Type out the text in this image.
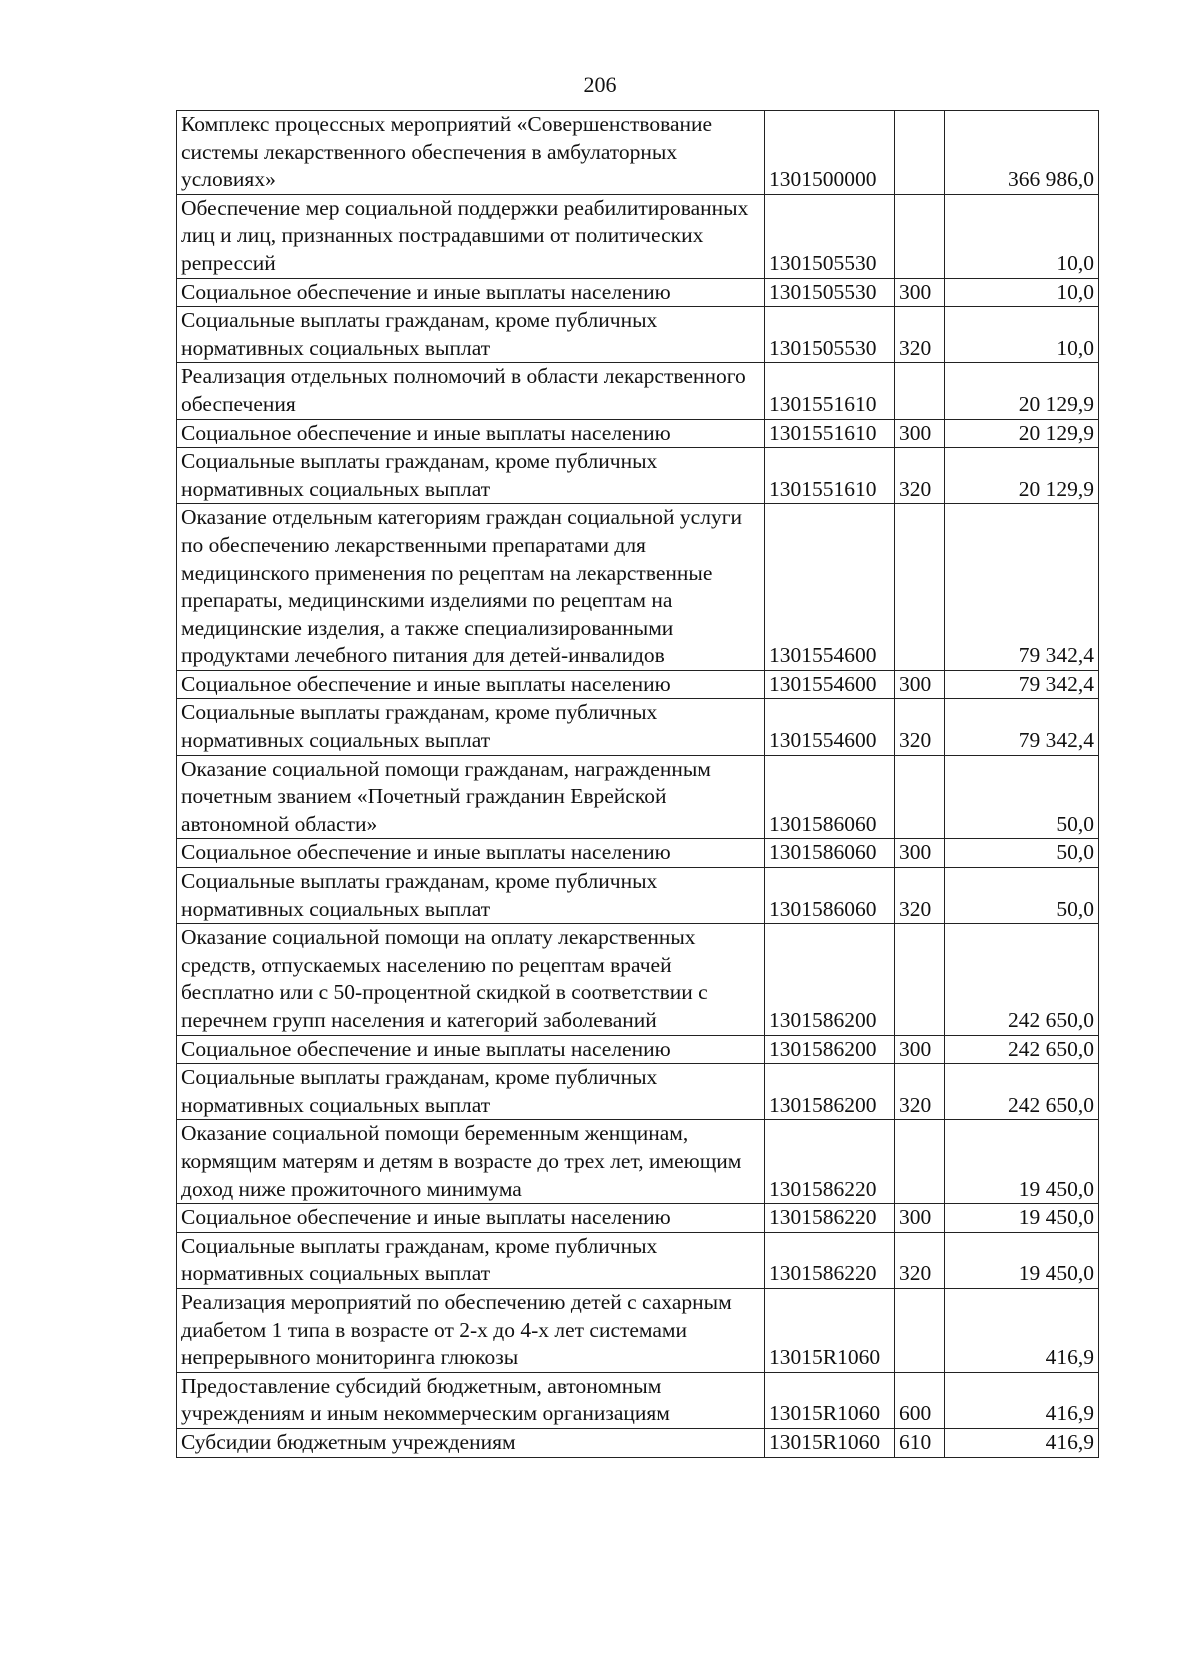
206
Комплекс процессных мероприятий «Совершенствование системы лекарственного обеспечения в амбулаторных условиях»	1301500000		366 986,0
Обеспечение мер социальной поддержки реабилитированных лиц и лиц, признанных пострадавшими от политических репрессий	1301505530		10,0
Социальное обеспечение и иные выплаты населению	1301505530	300	10,0
Социальные выплаты гражданам, кроме публичных нормативных социальных выплат	1301505530	320	10,0
Реализация отдельных полномочий в области лекарственного обеспечения	1301551610		20 129,9
Социальное обеспечение и иные выплаты населению	1301551610	300	20 129,9
Социальные выплаты гражданам, кроме публичных нормативных социальных выплат	1301551610	320	20 129,9
Оказание отдельным категориям граждан социальной услуги по обеспечению лекарственными препаратами для медицинского применения по рецептам на лекарственные препараты, медицинскими изделиями по рецептам на медицинские изделия, а также специализированными продуктами лечебного питания для детей-инвалидов	1301554600		79 342,4
Социальное обеспечение и иные выплаты населению	1301554600	300	79 342,4
Социальные выплаты гражданам, кроме публичных нормативных социальных выплат	1301554600	320	79 342,4
Оказание социальной помощи гражданам, награжденным почетным званием «Почетный гражданин Еврейской автономной области»	1301586060		50,0
Социальное обеспечение и иные выплаты населению	1301586060	300	50,0
Социальные выплаты гражданам, кроме публичных нормативных социальных выплат	1301586060	320	50,0
Оказание социальной помощи на оплату лекарственных средств, отпускаемых населению по рецептам врачей бесплатно или с 50-процентной скидкой в соответствии с перечнем групп населения и категорий заболеваний	1301586200		242 650,0
Социальное обеспечение и иные выплаты населению	1301586200	300	242 650,0
Социальные выплаты гражданам, кроме публичных нормативных социальных выплат	1301586200	320	242 650,0
Оказание социальной помощи беременным женщинам, кормящим матерям и детям в возрасте до трех лет, имеющим доход ниже прожиточного минимума	1301586220		19 450,0
Социальное обеспечение и иные выплаты населению	1301586220	300	19 450,0
Социальные выплаты гражданам, кроме публичных нормативных социальных выплат	1301586220	320	19 450,0
Реализация мероприятий по обеспечению детей с сахарным диабетом 1 типа в возрасте от 2-х до 4-х лет системами непрерывного мониторинга глюкозы	13015R1060		416,9
Предоставление субсидий бюджетным, автономным учреждениям и иным некоммерческим организациям	13015R1060	600	416,9
Субсидии бюджетным учреждениям	13015R1060	610	416,9
